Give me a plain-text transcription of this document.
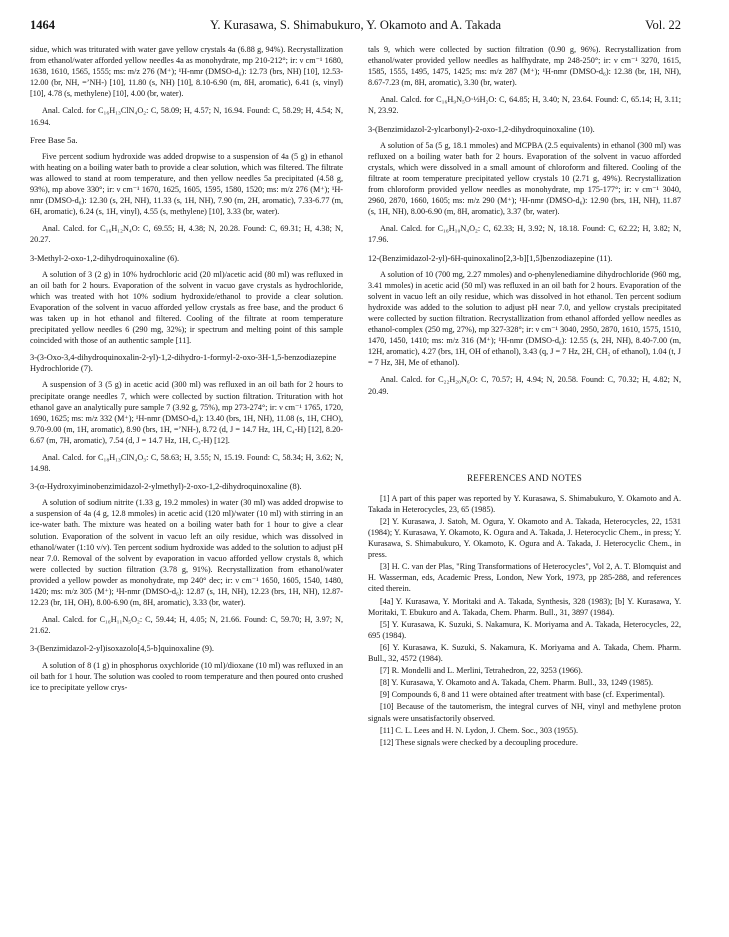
1464	Y. Kurasawa, S. Shimabukuro, Y. Okamoto and A. Takada	Vol. 22

sidue, which was triturated with water gave yellow crystals 4a (6.88 g, 94%). Recrystallization from ethanol/water afforded yellow needles 4a as monohydrate, mp 210-212°; ir: ν cm⁻¹ 1680, 1638, 1610, 1565, 1555; ms: m/z 276 (M⁺); ¹H-nmr (DMSO-d₆): 12.73 (brs, NH) [10], 12.53-12.00 (br, NH, =ʼNH-) [10], 11.80 (s, NH) [10], 8.10-6.90 (m, 8H, aromatic), 6.41 (s, vinyl) [10], 4.78 (s, methylene) [10], 4.00 (br, water).

Anal. Calcd. for C₁₆H₁₃ClN₄O₂: C, 58.09; H, 4.57; N, 16.94. Found: C, 58.29; H, 4.54; N, 16.94.

Free Base 5a.

Five percent sodium hydroxide was added dropwise to a suspension of 4a (5 g) in ethanol with heating on a boiling water bath to provide a clear solution, which was filtered. The filtrate was allowed to stand at room temperature, and then yellow needles 5a precipitated (4.58 g, 93%), mp above 330°; ir: ν cm⁻¹ 1670, 1625, 1605, 1595, 1580, 1520; ms: m/z 276 (M⁺); ¹H-nmr (DMSO-d₆): 12.30 (s, 2H, NH), 11.33 (s, 1H, NH), 7.90 (m, 2H, aromatic), 7.33-6.77 (m, 6H, aromatic), 6.24 (s, 1H, vinyl), 4.55 (s, methylene) [10], 3.33 (br, water).

Anal. Calcd. for C₁₆H₁₂N₄O: C, 69.55; H, 4.38; N, 20.28. Found: C, 69.31; H, 4.38; N, 20.27.

3-Methyl-2-oxo-1,2-dihydroquinoxaline (6).

A solution of 3 (2 g) in 10% hydrochloric acid (20 ml)/acetic acid (80 ml) was refluxed in an oil bath for 2 hours. Evaporation of the solvent in vacuo gave crystals as hydrochloride, which was treated with hot 10% sodium hydroxide/ethanol to provide a clear solution. Evaporation of the solvent in vacuo afforded yellow crystals as free base, and the product 6 was taken up in hot ethanol and filtered. Cooling of the filtrate at room temperature precipitated yellow needles 6 (290 mg, 32%); ir spectrum and melting point of this sample coincided with those of an authentic sample [11].

3-(3-Oxo-3,4-dihydroquinoxalin-2-yl)-1,2-dihydro-1-formyl-2-oxo-3H-1,5-benzodiazepine Hydrochloride (7).

A suspension of 3 (5 g) in acetic acid (300 ml) was refluxed in an oil bath for 2 hours to precipitate orange needles 7, which were collected by suction filtration. Trituration with hot ethanol gave an analytically pure sample 7 (3.92 g, 75%), mp 273-274°; ir: ν cm⁻¹ 1765, 1720, 1690, 1625; ms: m/z 332 (M⁺); ¹H-nmr (DMSO-d₆): 13.40 (brs, 1H, NH), 11.08 (s, 1H, CHO), 9.70-9.00 (m, 1H, aromatic), 8.90 (brs, 1H, =ʼNH-), 8.72 (d, J = 14.7 Hz, 1H, C₄-H) [12], 8.20-6.67 (m, 7H, aromatic), 7.54 (d, J = 14.7 Hz, 1H, C₃-H) [12].

Anal. Calcd. for C₁₈H₁₃ClN₄O₃: C, 58.63; H, 3.55; N, 15.19. Found: C, 58.34; H, 3.62; N, 14.98.

3-(α-Hydroxyiminobenzimidazol-2-ylmethyl)-2-oxo-1,2-dihydroquinoxaline (8).

A solution of sodium nitrite (1.33 g, 19.2 mmoles) in water (30 ml) was added dropwise to a suspension of 4a (4 g, 12.8 mmoles) in acetic acid (120 ml)/water (10 ml) with stirring in an ice-water bath. The mixture was heated on a boiling water bath for 1 hour to give a clear solution. Evaporation of the solvent in vacuo left an oily residue, which was dissolved in ethanol/water (1:10 v/v). Ten percent sodium hydroxide was added to the solution to adjust pH near 7.0. Removal of the solvent by evaporation in vacuo afforded yellow crystals 8, which were collected by suction filtration (3.78 g, 91%). Recrystallization from ethanol/water provided a yellow powder as monohydrate, mp 240° dec; ir: ν cm⁻¹ 1650, 1605, 1540, 1480, 1420; ms: m/z 305 (M⁺); ¹H-nmr (DMSO-d₆): 12.87 (s, 1H, NH), 12.23 (brs, 1H, NH), 12.87-12.23 (br, 1H, OH), 8.00-6.90 (m, 8H, aromatic), 3.33 (br, water).

Anal. Calcd. for C₁₆H₁₁N₅O₂: C, 59.44; H, 4.05; N, 21.66. Found: C, 59.70; H, 3.97; N, 21.62.

3-(Benzimidazol-2-yl)isoxazolo[4,5-b]quinoxaline (9).

A solution of 8 (1 g) in phosphorus oxychloride (10 ml)/dioxane (10 ml) was refluxed in an oil bath for 1 hour. The solution was cooled to room temperature and then poured onto crushed ice to precipitate yellow crys-

tals 9, which were collected by suction filtration (0.90 g, 96%). Recrystallization from ethanol/water provided yellow needles as halfhydrate, mp 248-250°; ir: ν cm⁻¹ 3270, 1615, 1585, 1555, 1495, 1475, 1425; ms: m/z 287 (M⁺); ¹H-nmr (DMSO-d₆): 12.38 (br, 1H, NH), 8.67-7.23 (m, 8H, aromatic), 3.30 (br, water).

Anal. Calcd. for C₁₆H₉N₅O·½H₂O: C, 64.85; H, 3.40; N, 23.64. Found: C, 65.14; H, 3.11; N, 23.92.

3-(Benzimidazol-2-ylcarbonyl)-2-oxo-1,2-dihydroquinoxaline (10).

A solution of 5a (5 g, 18.1 mmoles) and MCPBA (2.5 equivalents) in ethanol (300 ml) was refluxed on a boiling water bath for 2 hours. Evaporation of the solvent in vacuo afforded crystals, which were dissolved in a small amount of chloroform and filtered. Cooling of the filtrate at room temperature precipitated yellow crystals 10 (2.71 g, 49%). Recrystallization from chloroform provided yellow needles as monohydrate, mp 175-177°; ir: ν cm⁻¹ 3040, 2960, 2870, 1660, 1605; ms: m/z 290 (M⁺); ¹H-nmr (DMSO-d₆): 12.90 (brs, 1H, NH), 11.87 (s, 1H, NH), 8.00-6.90 (m, 8H, aromatic), 3.37 (br, water).

Anal. Calcd. for C₁₆H₁₀N₄O₂: C, 62.33; H, 3.92; N, 18.18. Found: C, 62.22; H, 3.82; N, 17.96.

12-(Benzimidazol-2-yl)-6H-quinoxalino[2,3-b][1,5]benzodiazepine (11).

A solution of 10 (700 mg, 2.27 mmoles) and o-phenylenediamine dihydrochloride (960 mg, 3.41 mmoles) in acetic acid (50 ml) was refluxed in an oil bath for 2 hours. Evaporation of the solvent in vacuo left an oily residue, which was dissolved in hot ethanol. Ten percent sodium hydroxide was added to the solution to adjust pH near 7.0, and yellow crystals precipitated were collected by suction filtration. Recrystallization from ethanol afforded yellow needles as ethanol-complex (250 mg, 27%), mp 327-328°; ir: ν cm⁻¹ 3040, 2950, 2870, 1610, 1575, 1510, 1470, 1450, 1410; ms: m/z 316 (M⁺); ¹H-nmr (DMSO-d₆): 12.55 (s, 2H, NH), 8.40-7.00 (m, 12H, aromatic), 4.27 (brs, 1H, OH of ethanol), 3.43 (q, J = 7 Hz, 2H, CH₂ of ethanol), 1.04 (t, J = 7 Hz, 3H, Me of ethanol).

Anal. Calcd. for C₂₂H₂₀N₆O: C, 70.57; H, 4.94; N, 20.58. Found: C, 70.32; H, 4.82; N, 20.49.

REFERENCES AND NOTES

[1] A part of this paper was reported by Y. Kurasawa, S. Shimabukuro, Y. Okamoto and A. Takada in Heterocycles, 23, 65 (1985).

[2] Y. Kurasawa, J. Satoh, M. Ogura, Y. Okamoto and A. Takada, Heterocycles, 22, 1531 (1984); Y. Kurasawa, Y. Okamoto, K. Ogura and A. Takada, J. Heterocyclic Chem., in press; Y. Kurasawa, S. Shimabukuro, Y. Okamoto, K. Ogura and A. Takada, J. Heterocyclic Chem., in press.

[3] H. C. van der Plas, "Ring Transformations of Heterocycles", Vol 2, A. T. Blomquist and H. Wasserman, eds, Academic Press, London, New York, 1973, pp 285-288, and references cited therein.

[4a] Y. Kurasawa, Y. Moritaki and A. Takada, Synthesis, 328 (1983); [b] Y. Kurasawa, Y. Moritaki, T. Ebukuro and A. Takada, Chem. Pharm. Bull., 31, 3897 (1984).

[5] Y. Kurasawa, K. Suzuki, S. Nakamura, K. Moriyama and A. Takada, Heterocycles, 22, 695 (1984).

[6] Y. Kurasawa, K. Suzuki, S. Nakamura, K. Moriyama and A. Takada, Chem. Pharm. Bull., 32, 4572 (1984).

[7] R. Mondelli and L. Merlini, Tetrahedron, 22, 3253 (1966).

[8] Y. Kurasawa, Y. Okamoto and A. Takada, Chem. Pharm. Bull., 33, 1249 (1985).

[9] Compounds 6, 8 and 11 were obtained after treatment with base (cf. Experimental).

[10] Because of the tautomerism, the integral curves of NH, vinyl and methylene proton signals were unsatisfactorily observed.

[11] C. L. Lees and H. N. Lydon, J. Chem. Soc., 303 (1955).

[12] These signals were checked by a decoupling procedure.
